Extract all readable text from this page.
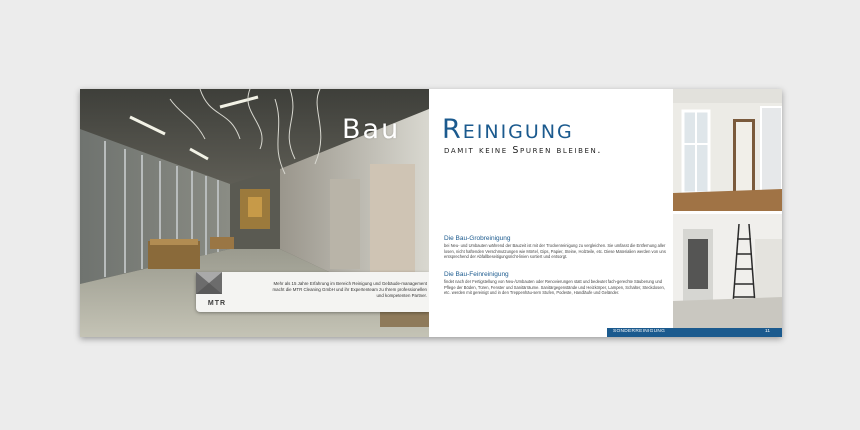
Bau
MTR
Mehr als 15 Jahre Erfahrung im Bereich Reinigung und Gebäude-management macht die MTR Cleaning GmbH und ihr Expertenteam zu Ihrem professionellen und kompetenten Partner.
Reinigung
damit keine Spuren bleiben.
Die Bau-Grobreinigung
bei Neu- und Umbauten während der Bauzeit ist mit der Trockenreinigung zu vergleichen. Sie umfasst die Entfernung aller losen, nicht haftenden Verschmutzungen wie Mörtel, Gips, Papier, Steine, Holzteile, etc. Diese Materialien werden von uns entsprechend der Abfallbeseitigungsricht-linien sortiert und entsorgt.
Die Bau-Feinreinigung
findet nach der Fertigstellung von Neu-/Umbauten oder Renovierungen statt und bedeutet fach-gerechte Säuberung und Pflege der Böden, Türen, Fenster und Sanitärräume. Sanitärgegenstände und Heizkörper, Lampen, Schalter, Steckdosen, etc. werden mit gereinigt und in den Treppenhäu-sern Stufen, Podeste, Handläufe und Geländer.
SONDERREINIGUNG	11
